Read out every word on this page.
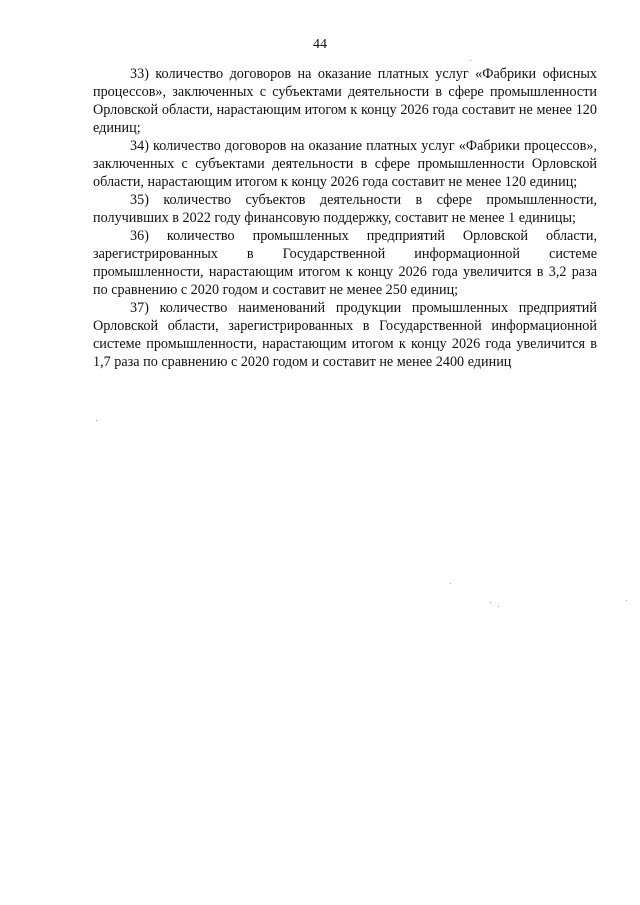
44

33) количество договоров на оказание платных услуг «Фабрики офисных процессов», заключенных с субъектами деятельности в сфере промышленности Орловской области, нарастающим итогом к концу 2026 года составит не менее 120 единиц;

34) количество договоров на оказание платных услуг «Фабрики процессов», заключенных с субъектами деятельности в сфере промышленности Орловской области, нарастающим итогом к концу 2026 года составит не менее 120 единиц;

35) количество субъектов деятельности в сфере промышленности, получивших в 2022 году финансовую поддержку, составит не менее 1 единицы;

36) количество промышленных предприятий Орловской области, зарегистрированных в Государственной информационной системе промышленности, нарастающим итогом к концу 2026 года увеличится в 3,2 раза по сравнению с 2020 годом и составит не менее 250 единиц;

37) количество наименований продукции промышленных предприятий Орловской области, зарегистрированных в Государственной информационной системе промышленности, нарастающим итогом к концу 2026 года увеличится в 1,7 раза по сравнению с 2020 годом и составит не менее 2400 единиц
